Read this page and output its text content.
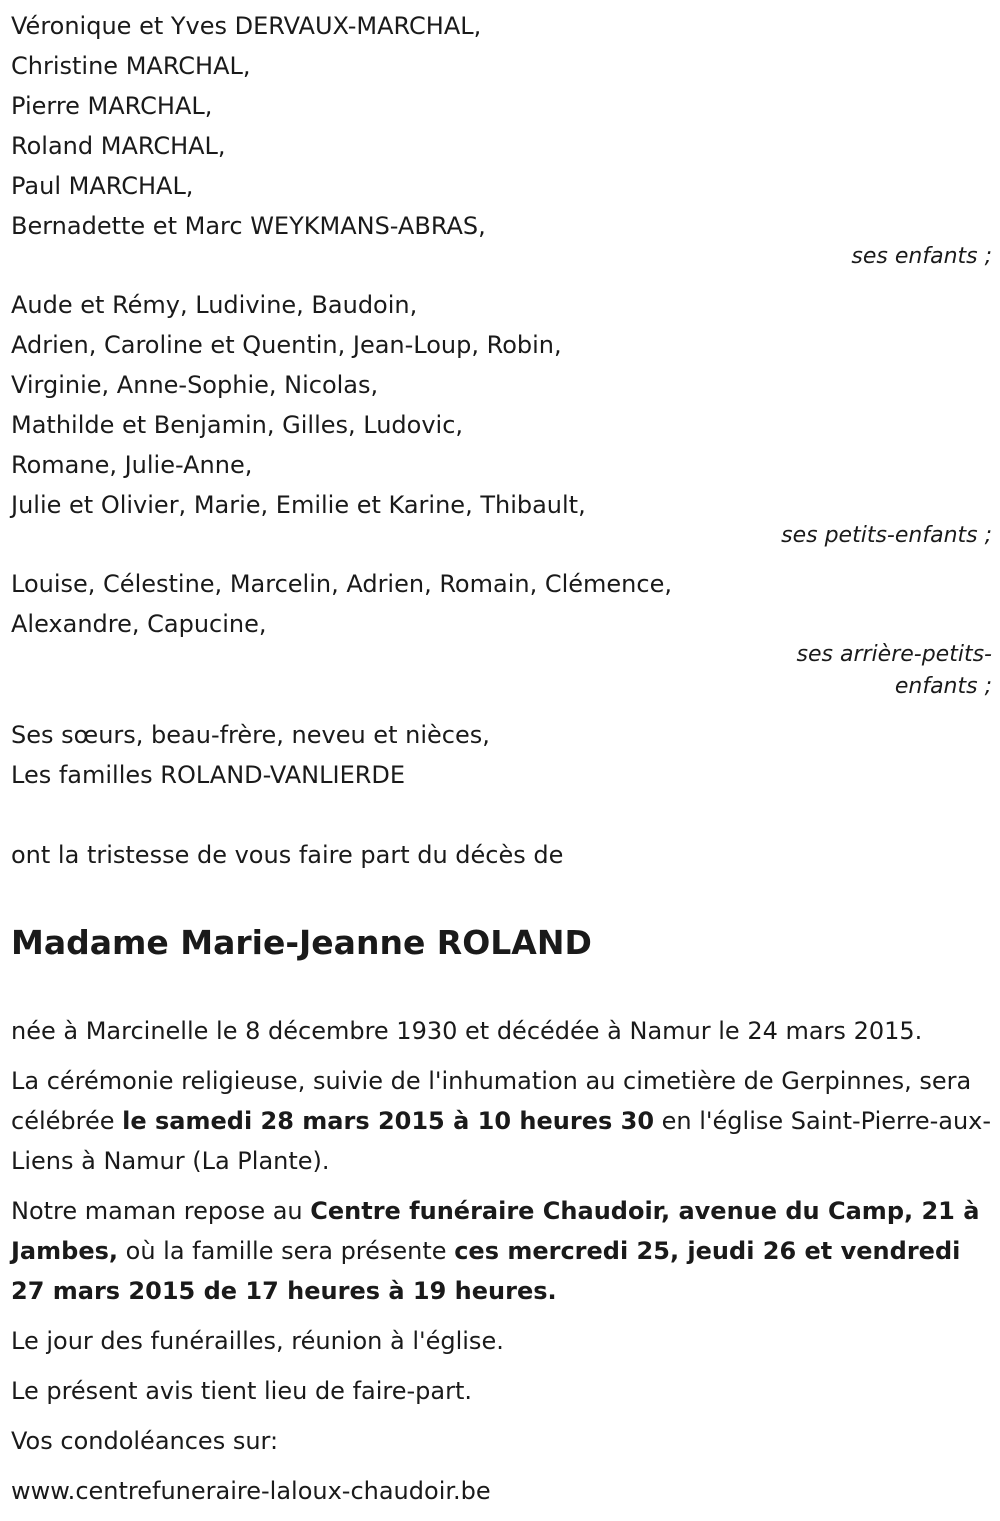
Véronique et Yves DERVAUX-MARCHAL,
Christine MARCHAL,
Pierre MARCHAL,
Roland MARCHAL,
Paul MARCHAL,
Bernadette et Marc WEYKMANS-ABRAS,
ses enfants ;
Aude et Rémy, Ludivine, Baudoin,
Adrien, Caroline et Quentin, Jean-Loup, Robin,
Virginie, Anne-Sophie, Nicolas,
Mathilde et Benjamin, Gilles, Ludovic,
Romane, Julie-Anne,
Julie et Olivier, Marie, Emilie et Karine, Thibault,
ses petits-enfants ;
Louise, Célestine, Marcelin, Adrien, Romain, Clémence,
Alexandre, Capucine,
ses arrière-petits-
enfants ;
Ses sœurs, beau-frère, neveu et nièces,
Les familles ROLAND-VANLIERDE
ont la tristesse de vous faire part du décès de
Madame Marie-Jeanne ROLAND
née à Marcinelle le 8 décembre 1930 et décédée à Namur le 24 mars 2015.
La cérémonie religieuse, suivie de l'inhumation au cimetière de Gerpinnes, sera célébrée le samedi 28 mars 2015 à 10 heures 30 en l'église Saint-Pierre-aux-Liens à Namur (La Plante).
Notre maman repose au Centre funéraire Chaudoir, avenue du Camp, 21 à Jambes, où la famille sera présente ces mercredi 25, jeudi 26 et vendredi 27 mars 2015 de 17 heures à 19 heures.
Le jour des funérailles, réunion à l'église.
Le présent avis tient lieu de faire-part.
Vos condoléances sur:
www.centrefuneraire-laloux-chaudoir.be
